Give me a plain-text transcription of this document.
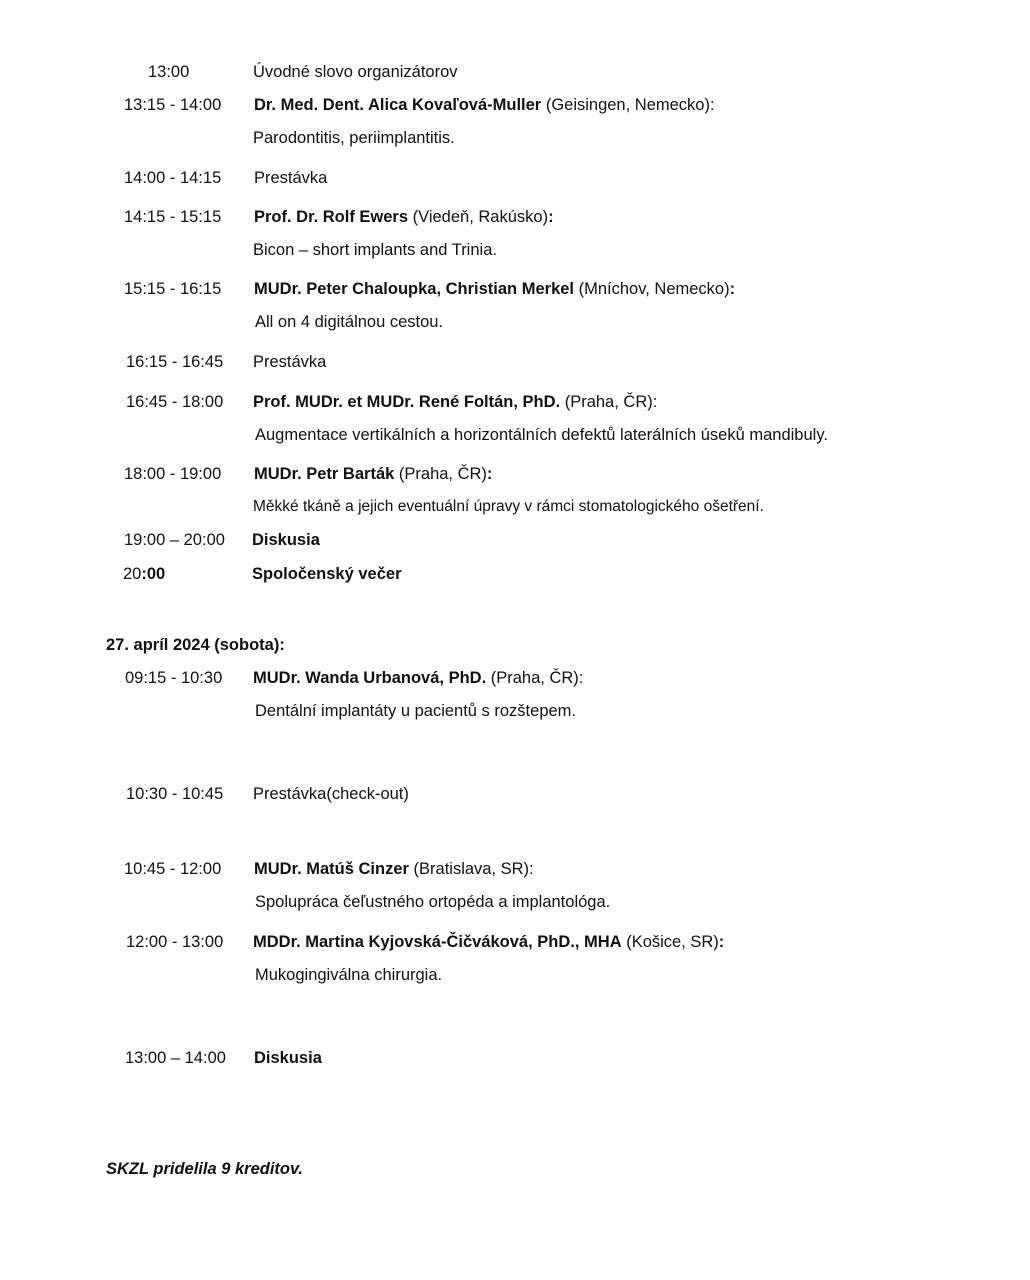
13:00	Úvodné slovo organizátorov
13:15 - 14:00 Dr. Med. Dent. Alica Kovaľová-Muller (Geisingen, Nemecko):
Parodontitis, periimplantitis.
14:00 - 14:15 Prestávka
14:15 - 15:15 Prof. Dr. Rolf Ewers (Viedeň, Rakúsko):
Bicon – short implants and Trinia.
15:15 - 16:15 MUDr. Peter Chaloupka, Christian Merkel (Mníchov, Nemecko):
All on 4 digitálnou cestou.
16:15 - 16:45 Prestávka
16:45 - 18:00 Prof. MUDr. et MUDr. René Foltán, PhD. (Praha, ČR):
Augmentace vertikálních a horizontálních defektů laterálních úseků mandibuly.
18:00 - 19:00 MUDr. Petr Barták (Praha, ČR):
Měkké tkáně a jejich eventuální úpravy v rámci stomatologického ošetření.
19:00 – 20:00 Diskusia
20:00	Spoločenský večer
27. apríl 2024 (sobota):
09:15 - 10:30 MUDr. Wanda Urbanová, PhD. (Praha, ČR):
Dentální implantáty u pacientů s rozštepem.
10:30 - 10:45 Prestávka(check-out)
10:45 - 12:00 MUDr. Matúš Cinzer (Bratislava, SR):
Spolupráca čeľustného ortopéda a implantológa.
12:00 - 13:00 MDDr. Martina Kyjovská-Čičváková, PhD., MHA (Košice, SR):
Mukogingiválna chirurgia.
13:00 – 14:00 Diskusia
SKZL pridelila 9 kreditov.
